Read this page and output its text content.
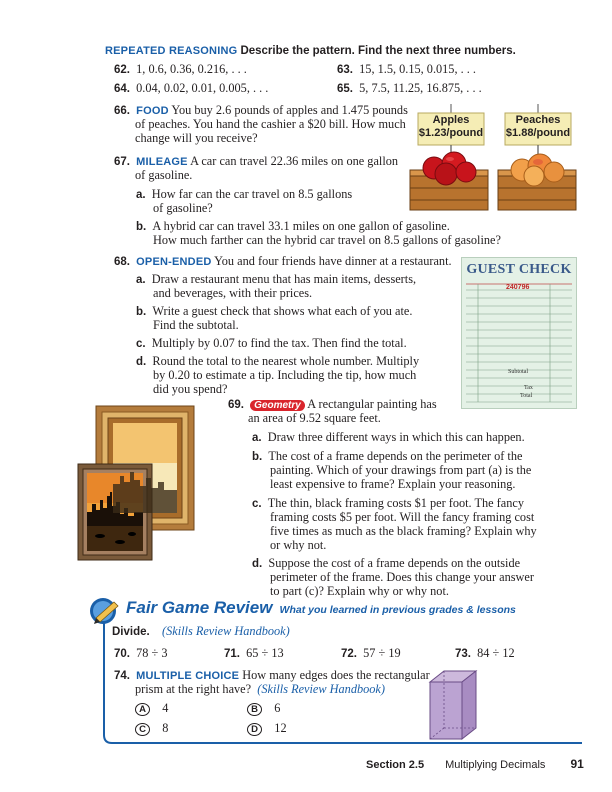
REPEATED REASONING Describe the pattern. Find the next three numbers.
62. 1, 0.6, 0.36, 0.216, . . .	63. 15, 1.5, 0.15, 0.015, . . .
64. 0.04, 0.02, 0.01, 0.005, . . .	65. 5, 7.5, 11.25, 16.875, . . .
66. FOOD You buy 2.6 pounds of apples and 1.475 pounds
of peaches. You hand the cashier a $20 bill. How much
change will you receive?
Apples
$1.23/pound
Peaches
$1.88/pound
67. MILEAGE A car can travel 22.36 miles on one gallon
of gasoline.
a. How far can the car travel on 8.5 gallons
of gasoline?
b. A hybrid car can travel 33.1 miles on one gallon of gasoline.
How much farther can the hybrid car travel on 8.5 gallons of gasoline?
68. OPEN-ENDED You and four friends have dinner at a restaurant.
a. Draw a restaurant menu that has main items, desserts,
and beverages, with their prices.
b. Write a guest check that shows what each of you ate.
Find the subtotal.
c. Multiply by 0.07 to find the tax. Then find the total.
d. Round the total to the nearest whole number. Multiply
by 0.20 to estimate a tip. Including the tip, how much
did you spend?
GUEST CHECK
240796
Subtotal
Tax
Total
69. Geometry A rectangular painting has
an area of 9.52 square feet.
a. Draw three different ways in which this can happen.
b. The cost of a frame depends on the perimeter of the
painting. Which of your drawings from part (a) is the
least expensive to frame? Explain your reasoning.
c. The thin, black framing costs $1 per foot. The fancy
framing costs $5 per foot. Will the fancy framing cost
five times as much as the black framing? Explain why
or why not.
d. Suppose the cost of a frame depends on the outside
perimeter of the frame. Does this change your answer
to part (c)? Explain why or why not.
Fair Game Review What you learned in previous grades & lessons
Divide. (Skills Review Handbook)
70. 78 ÷ 3	71. 65 ÷ 13	72. 57 ÷ 19	73. 84 ÷ 12
74. MULTIPLE CHOICE How many edges does the rectangular
prism at the right have? (Skills Review Handbook)
A 4	B 6
C 8	D 12
Section 2.5 Multiplying Decimals 91
